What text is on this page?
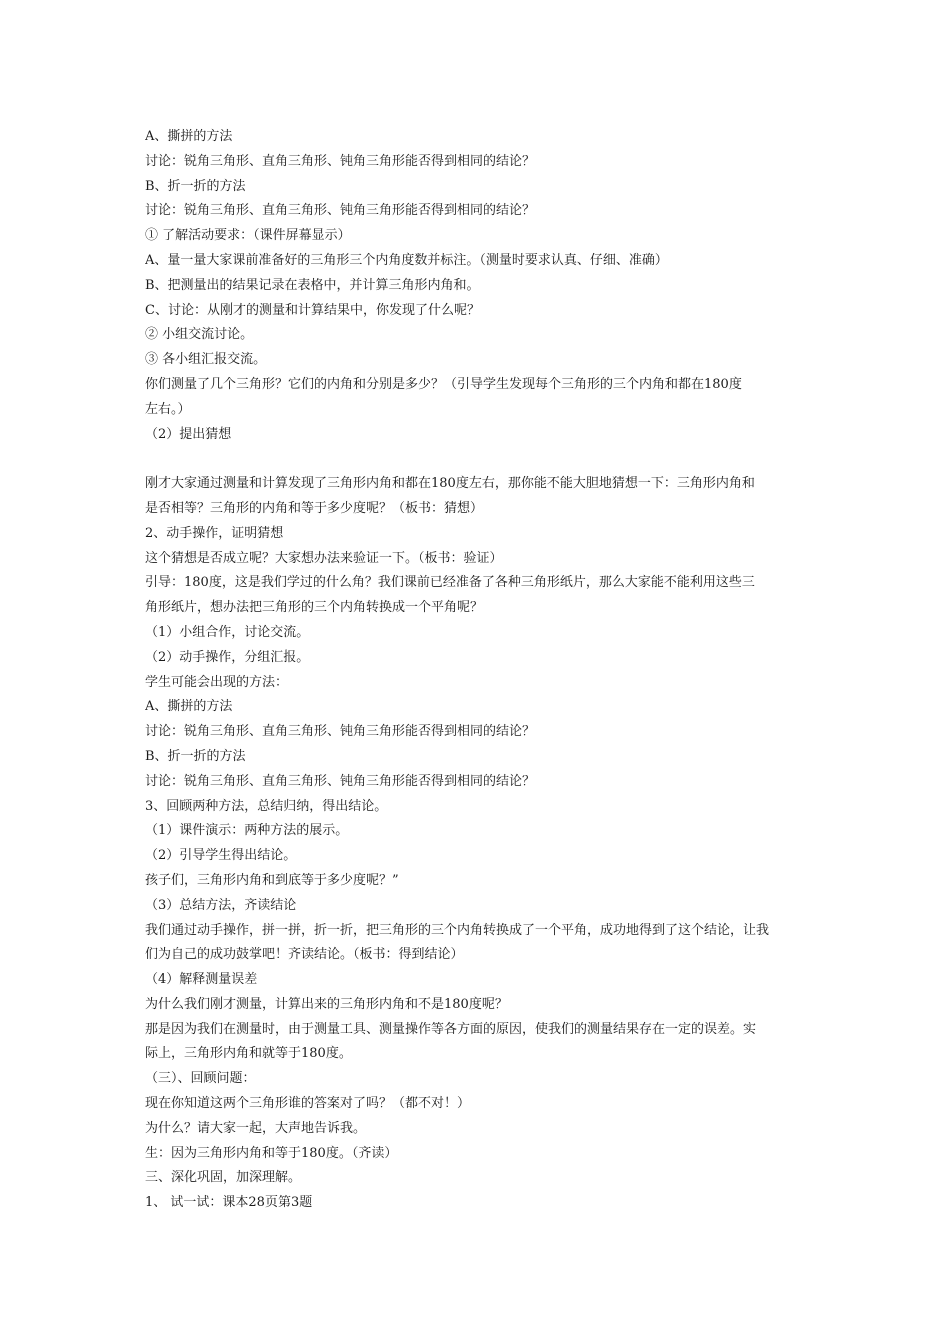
A、撕拼的方法
讨论：锐角三角形、直角三角形、钝角三角形能否得到相同的结论？
B、折一折的方法
讨论：锐角三角形、直角三角形、钝角三角形能否得到相同的结论？
① 了解活动要求：（课件屏幕显示）
A、量一量大家课前准备好的三角形三个内角度数并标注。（测量时要求认真、仔细、准确）
B、把测量出的结果记录在表格中，并计算三角形内角和。
C、讨论：从刚才的测量和计算结果中，你发现了什么呢？
② 小组交流讨论。
③ 各小组汇报交流。
你们测量了几个三角形？它们的内角和分别是多少？（引导学生发现每个三角形的三个内角和都在180度
左右。）
（2）提出猜想
刚才大家通过测量和计算发现了三角形内角和都在180度左右，那你能不能大胆地猜想一下：三角形内角和
是否相等？三角形的内角和等于多少度呢？（板书：猜想）
2、动手操作，证明猜想
这个猜想是否成立呢？大家想办法来验证一下。（板书：验证）
引导：180度，这是我们学过的什么角？我们课前已经准备了各种三角形纸片，那么大家能不能利用这些三
角形纸片，想办法把三角形的三个内角转换成一个平角呢？
（1）小组合作，讨论交流。
（2）动手操作，分组汇报。
学生可能会出现的方法：
A、撕拼的方法
讨论：锐角三角形、直角三角形、钝角三角形能否得到相同的结论？
B、折一折的方法
讨论：锐角三角形、直角三角形、钝角三角形能否得到相同的结论？
3、回顾两种方法，总结归纳，得出结论。
（1）课件演示：两种方法的展示。
（2）引导学生得出结论。
孩子们，三角形内角和到底等于多少度呢？”
（3）总结方法，齐读结论
我们通过动手操作，拼一拼，折一折，把三角形的三个内角转换成了一个平角，成功地得到了这个结论，让我
们为自己的成功鼓掌吧！齐读结论。（板书：得到结论）
（4）解释测量误差
为什么我们刚才测量，计算出来的三角形内角和不是180度呢？
那是因为我们在测量时，由于测量工具、测量操作等各方面的原因，使我们的测量结果存在一定的误差。实
际上，三角形内角和就等于180度。
（三）、回顾问题：
现在你知道这两个三角形谁的答案对了吗？（都不对！）
为什么？请大家一起，大声地告诉我。
生：因为三角形内角和等于180度。（齐读）
三、深化巩固，加深理解。
1、 试一试：课本28页第3题
